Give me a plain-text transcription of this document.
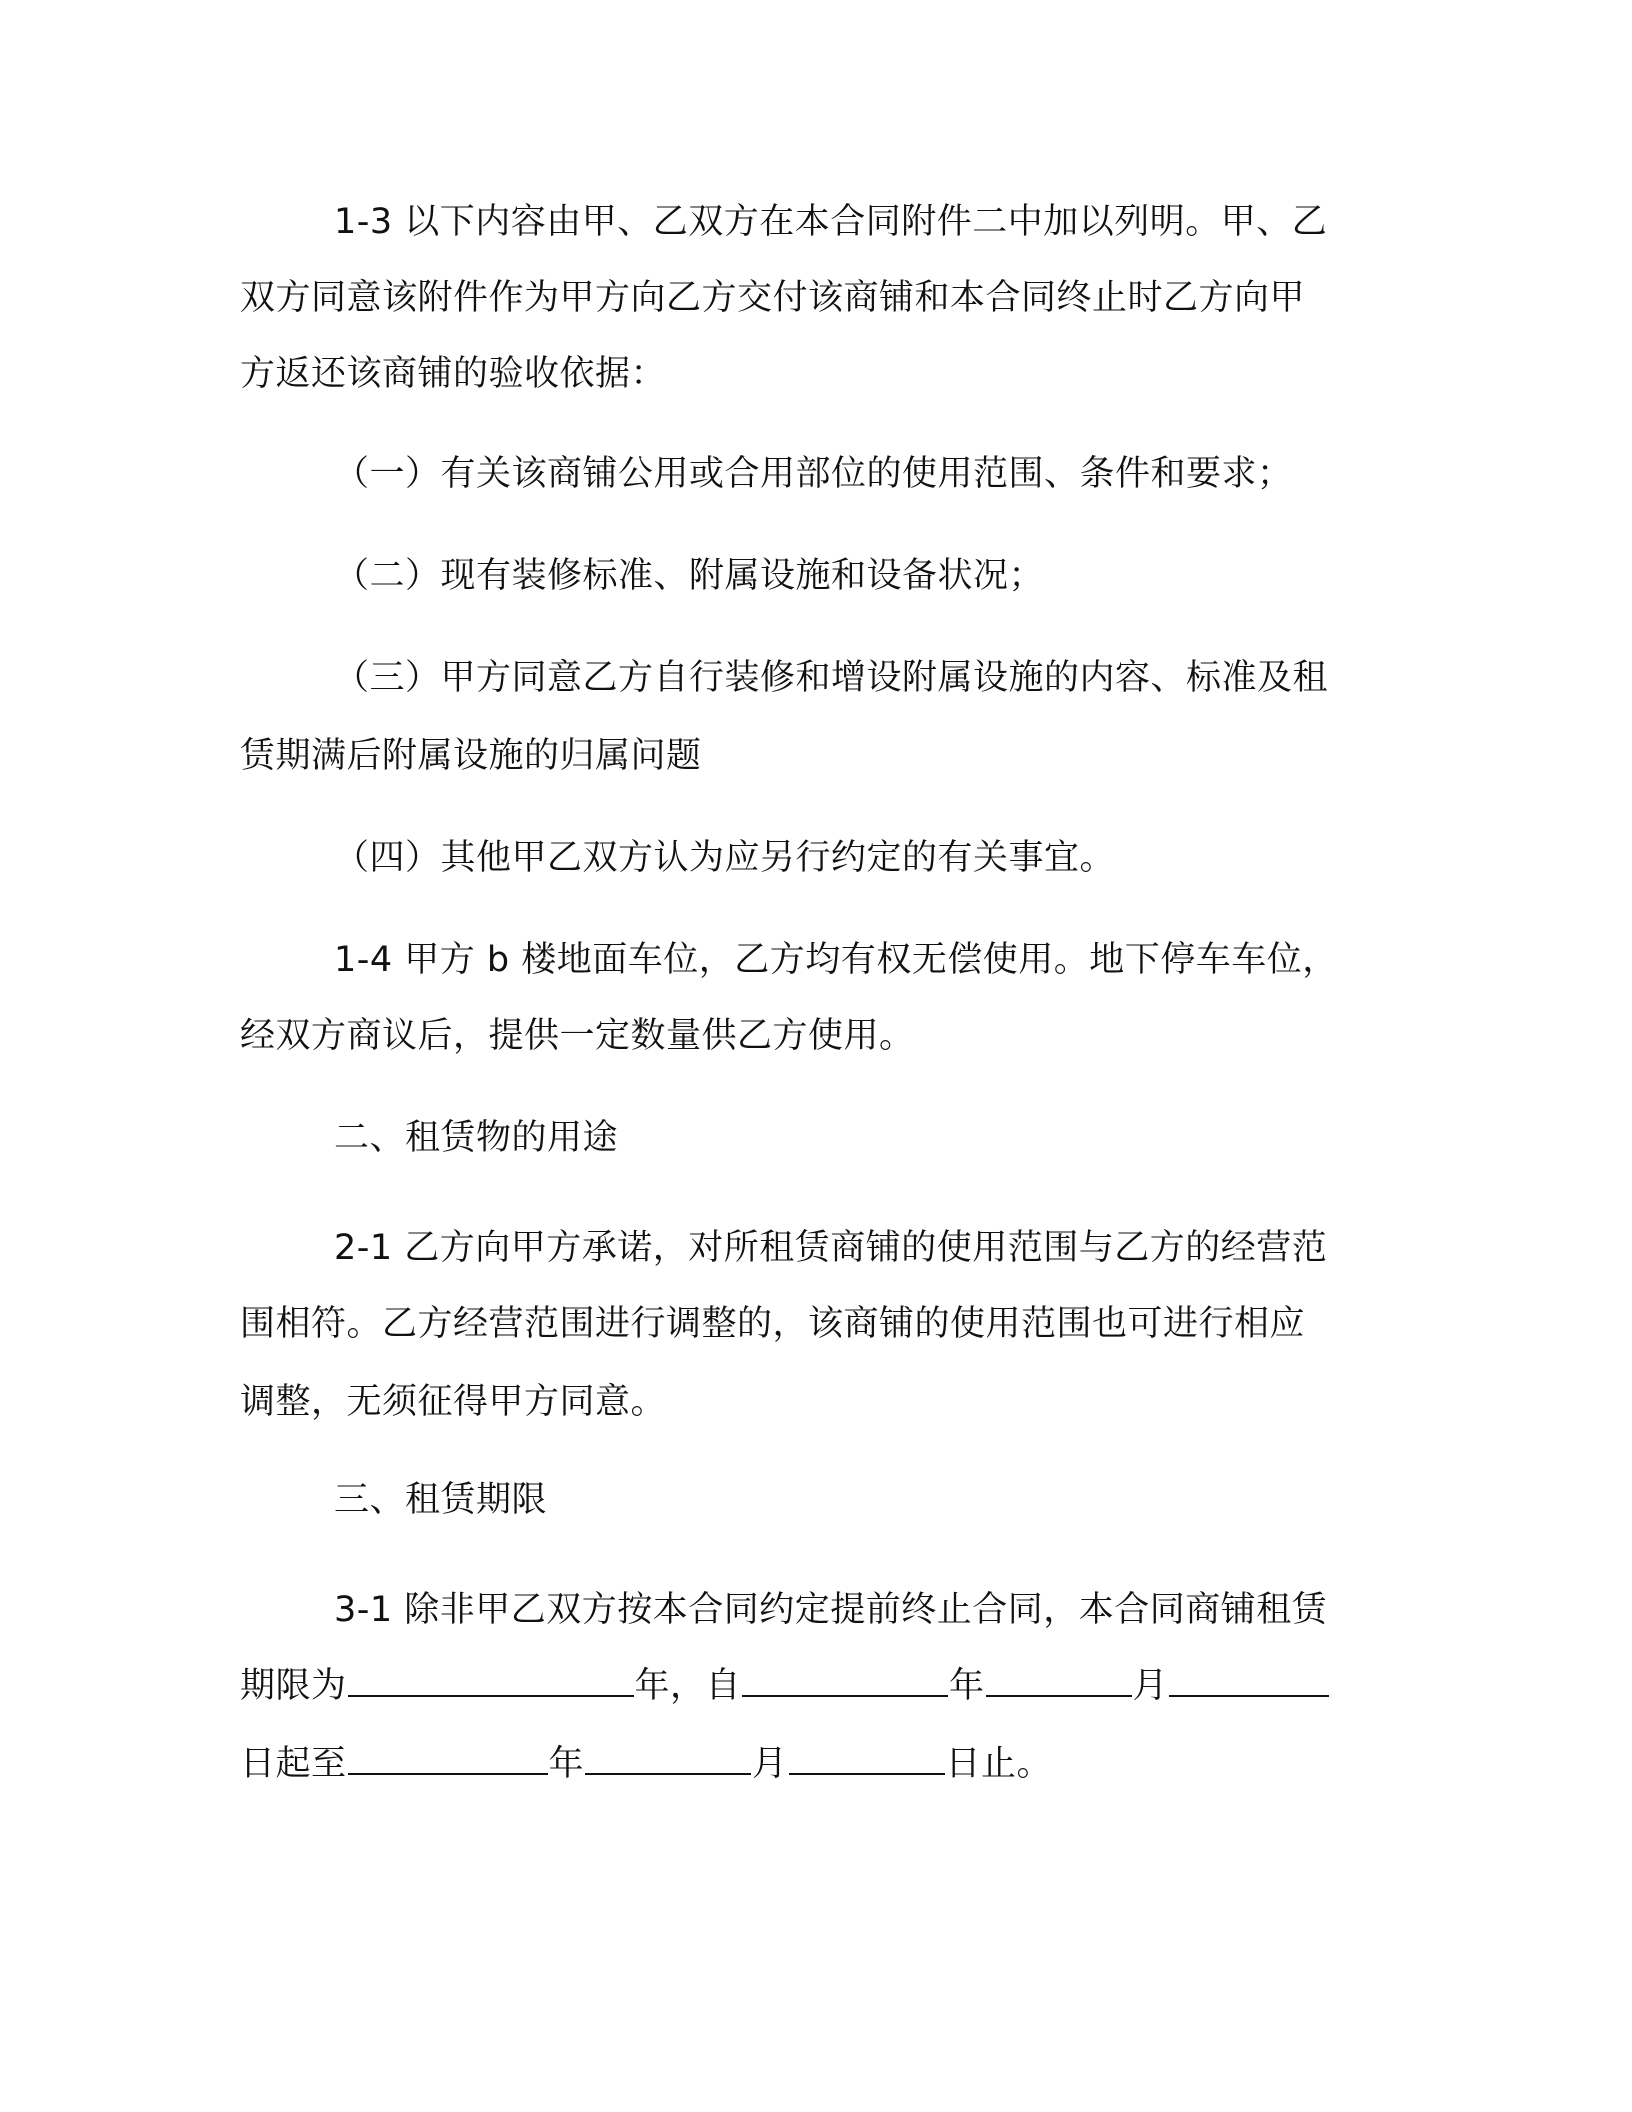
1-3 以下内容由甲、乙双方在本合同附件二中加以列明。甲、乙
双方同意该附件作为甲方向乙方交付该商铺和本合同终止时乙方向甲
方返还该商铺的验收依据：
（一）有关该商铺公用或合用部位的使用范围、条件和要求；
（二）现有装修标准、附属设施和设备状况；
（三）甲方同意乙方自行装修和增设附属设施的内容、标准及租
赁期满后附属设施的归属问题
（四）其他甲乙双方认为应另行约定的有关事宜。
1-4 甲方 b 楼地面车位，乙方均有权无偿使用。地下停车车位，
经双方商议后，提供一定数量供乙方使用。
二、租赁物的用途
2-1 乙方向甲方承诺，对所租赁商铺的使用范围与乙方的经营范
围相符。乙方经营范围进行调整的，该商铺的使用范围也可进行相应
调整，无须征得甲方同意。
三、租赁期限
3-1 除非甲乙双方按本合同约定提前终止合同，本合同商铺租赁
期限为	年，自	年	月
日起至	年	月	日止。
